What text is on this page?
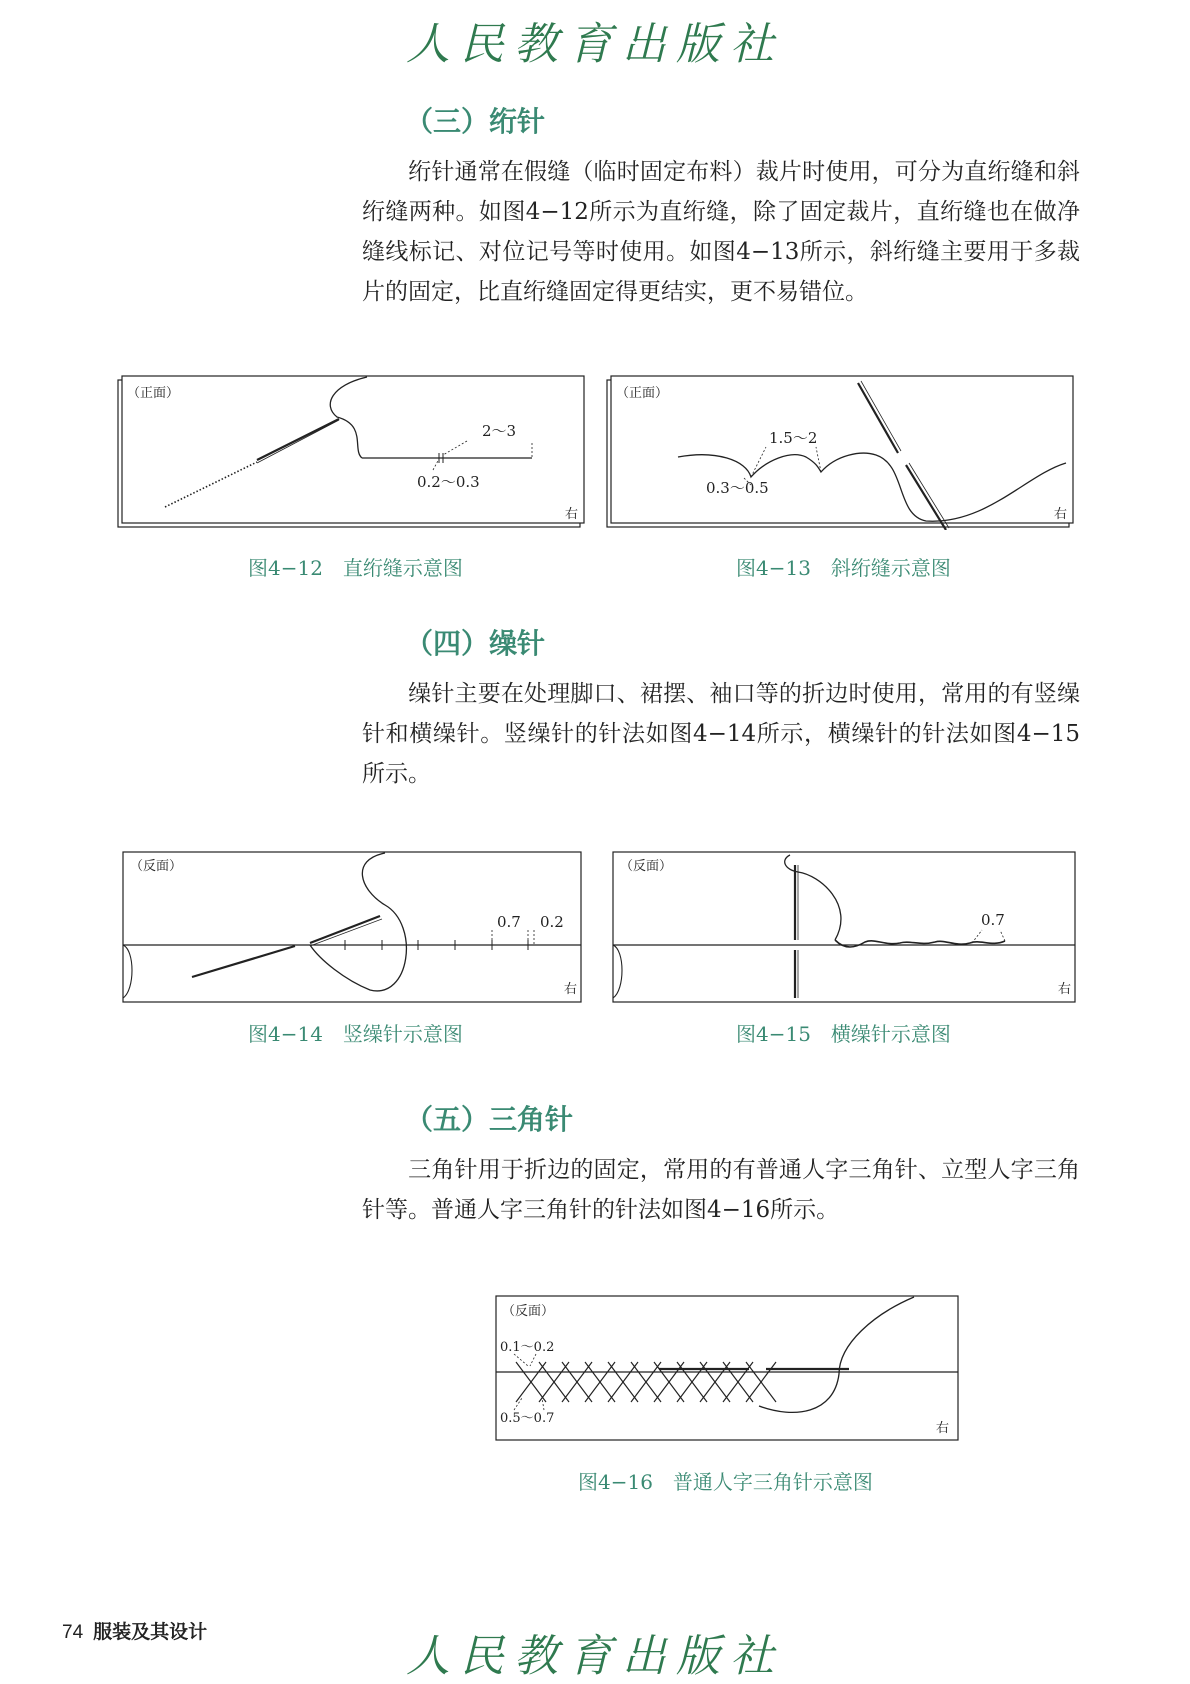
人民教育出版社
（三）绗针
绗针通常在假缝（临时固定布料）裁片时使用，可分为直绗缝和斜绗缝两种。如图4−12所示为直绗缝，除了固定裁片，直绗缝也在做净缝线标记、对位记号等时使用。如图4−13所示，斜绗缝主要用于多裁片的固定，比直绗缝固定得更结实，更不易错位。
（正面）
2～3
0.2～0.3
右
图4−12　直绗缝示意图
（正面）
1.5～2
0.3～0.5
右
图4−13　斜绗缝示意图
（四）缲针
缲针主要在处理脚口、裙摆、袖口等的折边时使用，常用的有竖缲针和横缲针。竖缲针的针法如图4−14所示，横缲针的针法如图4−15所示。
（反面）
0.7 0.2
右
图4−14　竖缲针示意图
（反面）
0.7
右
图4−15　横缲针示意图
（五）三角针
三角针用于折边的固定，常用的有普通人字三角针、立型人字三角针等。普通人字三角针的针法如图4−16所示。
（反面）
0.1～0.2
0.5～0.7
右
图4−16　普通人字三角针示意图
74 服装及其设计	人民教育出版社
